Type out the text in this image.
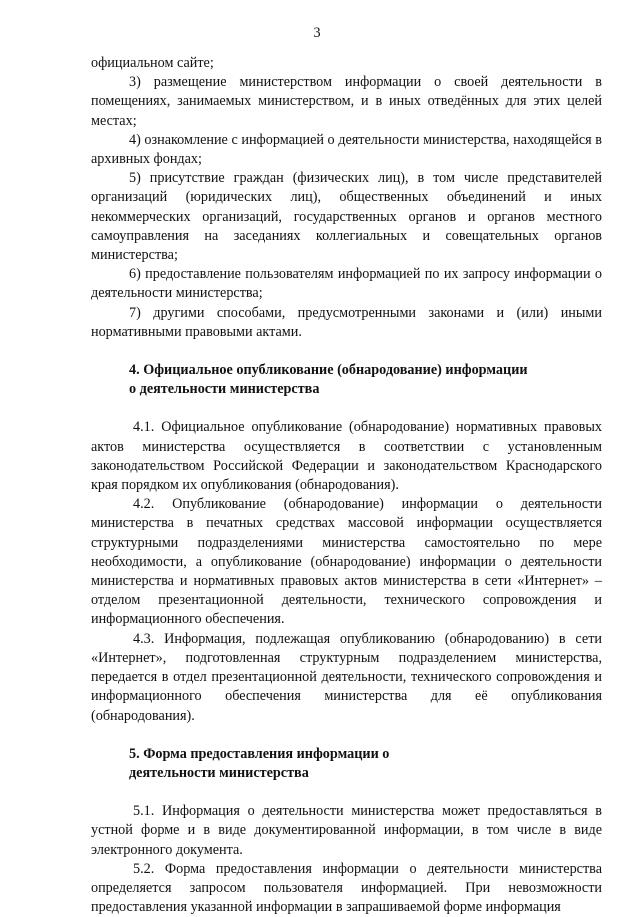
3

официальном сайте;

3) размещение министерством информации о своей деятельности в помещениях, занимаемых министерством, и в иных отведённых для этих целей местах;

4) ознакомление с информацией о деятельности министерства, находящейся в архивных фондах;

5) присутствие граждан (физических лиц), в том числе представителей организаций (юридических лиц), общественных объединений и иных некоммерческих организаций, государственных органов и органов местного самоуправления на заседаниях коллегиальных и совещательных органов министерства;

6) предоставление пользователям информацией по их запросу информации о деятельности министерства;

7) другими способами, предусмотренными законами и (или) иными нормативными правовыми актами.

4. Официальное опубликование (обнародование) информации

о деятельности министерства

4.1. Официальное опубликование (обнародование) нормативных правовых актов министерства осуществляется в соответствии с установленным законодательством Российской Федерации и законодательством Краснодарского края порядком их опубликования (обнародования).

4.2. Опубликование (обнародование) информации о деятельности министерства в печатных средствах массовой информации осуществляется структурными подразделениями министерства самостоятельно по мере необходимости, а опубликование (обнародование) информации о деятельности министерства и нормативных правовых актов министерства в сети «Интернет» – отделом презентационной деятельности, технического сопровождения и информационного обеспечения.

4.3. Информация, подлежащая опубликованию (обнародованию) в сети «Интернет», подготовленная структурным подразделением министерства, передается в отдел презентационной деятельности, технического сопровождения и информационного обеспечения министерства для её опубликования (обнародования).

5. Форма предоставления информации о

деятельности министерства

5.1. Информация о деятельности министерства может предоставляться в устной форме и в виде документированной информации, в том числе в виде электронного документа.

5.2. Форма предоставления информации о деятельности министерства определяется запросом пользователя информацией. При невозможности предоставления указанной информации в запрашиваемой форме информация
